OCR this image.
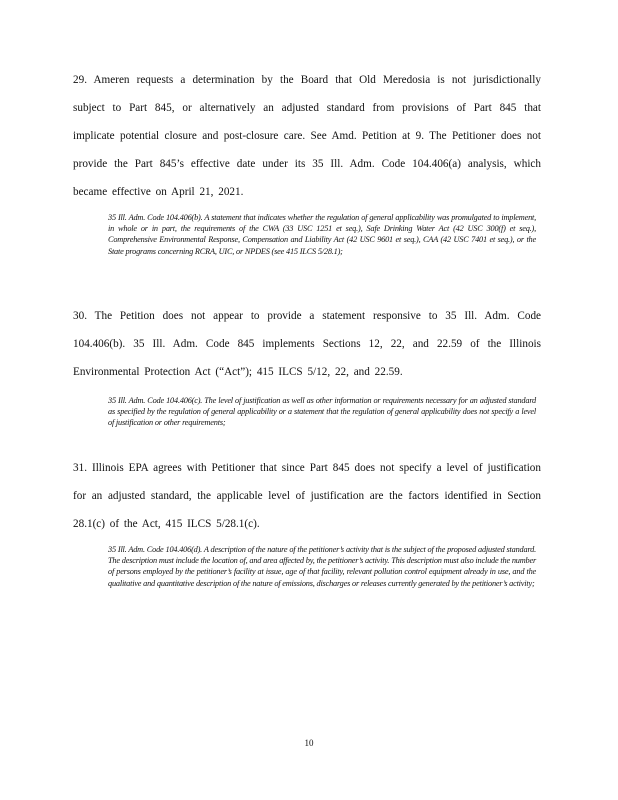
29. Ameren requests a determination by the Board that Old Meredosia is not jurisdictionally subject to Part 845, or alternatively an adjusted standard from provisions of Part 845 that implicate potential closure and post-closure care. See Amd. Petition at 9. The Petitioner does not provide the Part 845’s effective date under its 35 Ill. Adm. Code 104.406(a) analysis, which became effective on April 21, 2021.
35 Ill. Adm. Code 104.406(b). A statement that indicates whether the regulation of general applicability was promulgated to implement, in whole or in part, the requirements of the CWA (33 USC 1251 et seq.), Safe Drinking Water Act (42 USC 300(f) et seq.), Comprehensive Environmental Response, Compensation and Liability Act (42 USC 9601 et seq.), CAA (42 USC 7401 et seq.), or the State programs concerning RCRA, UIC, or NPDES (see 415 ILCS 5/28.1);
30. The Petition does not appear to provide a statement responsive to 35 Ill. Adm. Code 104.406(b). 35 Ill. Adm. Code 845 implements Sections 12, 22, and 22.59 of the Illinois Environmental Protection Act (“Act”); 415 ILCS 5/12, 22, and 22.59.
35 Ill. Adm. Code 104.406(c). The level of justification as well as other information or requirements necessary for an adjusted standard as specified by the regulation of general applicability or a statement that the regulation of general applicability does not specify a level of justification or other requirements;
31. Illinois EPA agrees with Petitioner that since Part 845 does not specify a level of justification for an adjusted standard, the applicable level of justification are the factors identified in Section 28.1(c) of the Act, 415 ILCS 5/28.1(c).
35 Ill. Adm. Code 104.406(d). A description of the nature of the petitioner’s activity that is the subject of the proposed adjusted standard. The description must include the location of, and area affected by, the petitioner’s activity. This description must also include the number of persons employed by the petitioner’s facility at issue, age of that facility, relevant pollution control equipment already in use, and the qualitative and quantitative description of the nature of emissions, discharges or releases currently generated by the petitioner’s activity;
10
